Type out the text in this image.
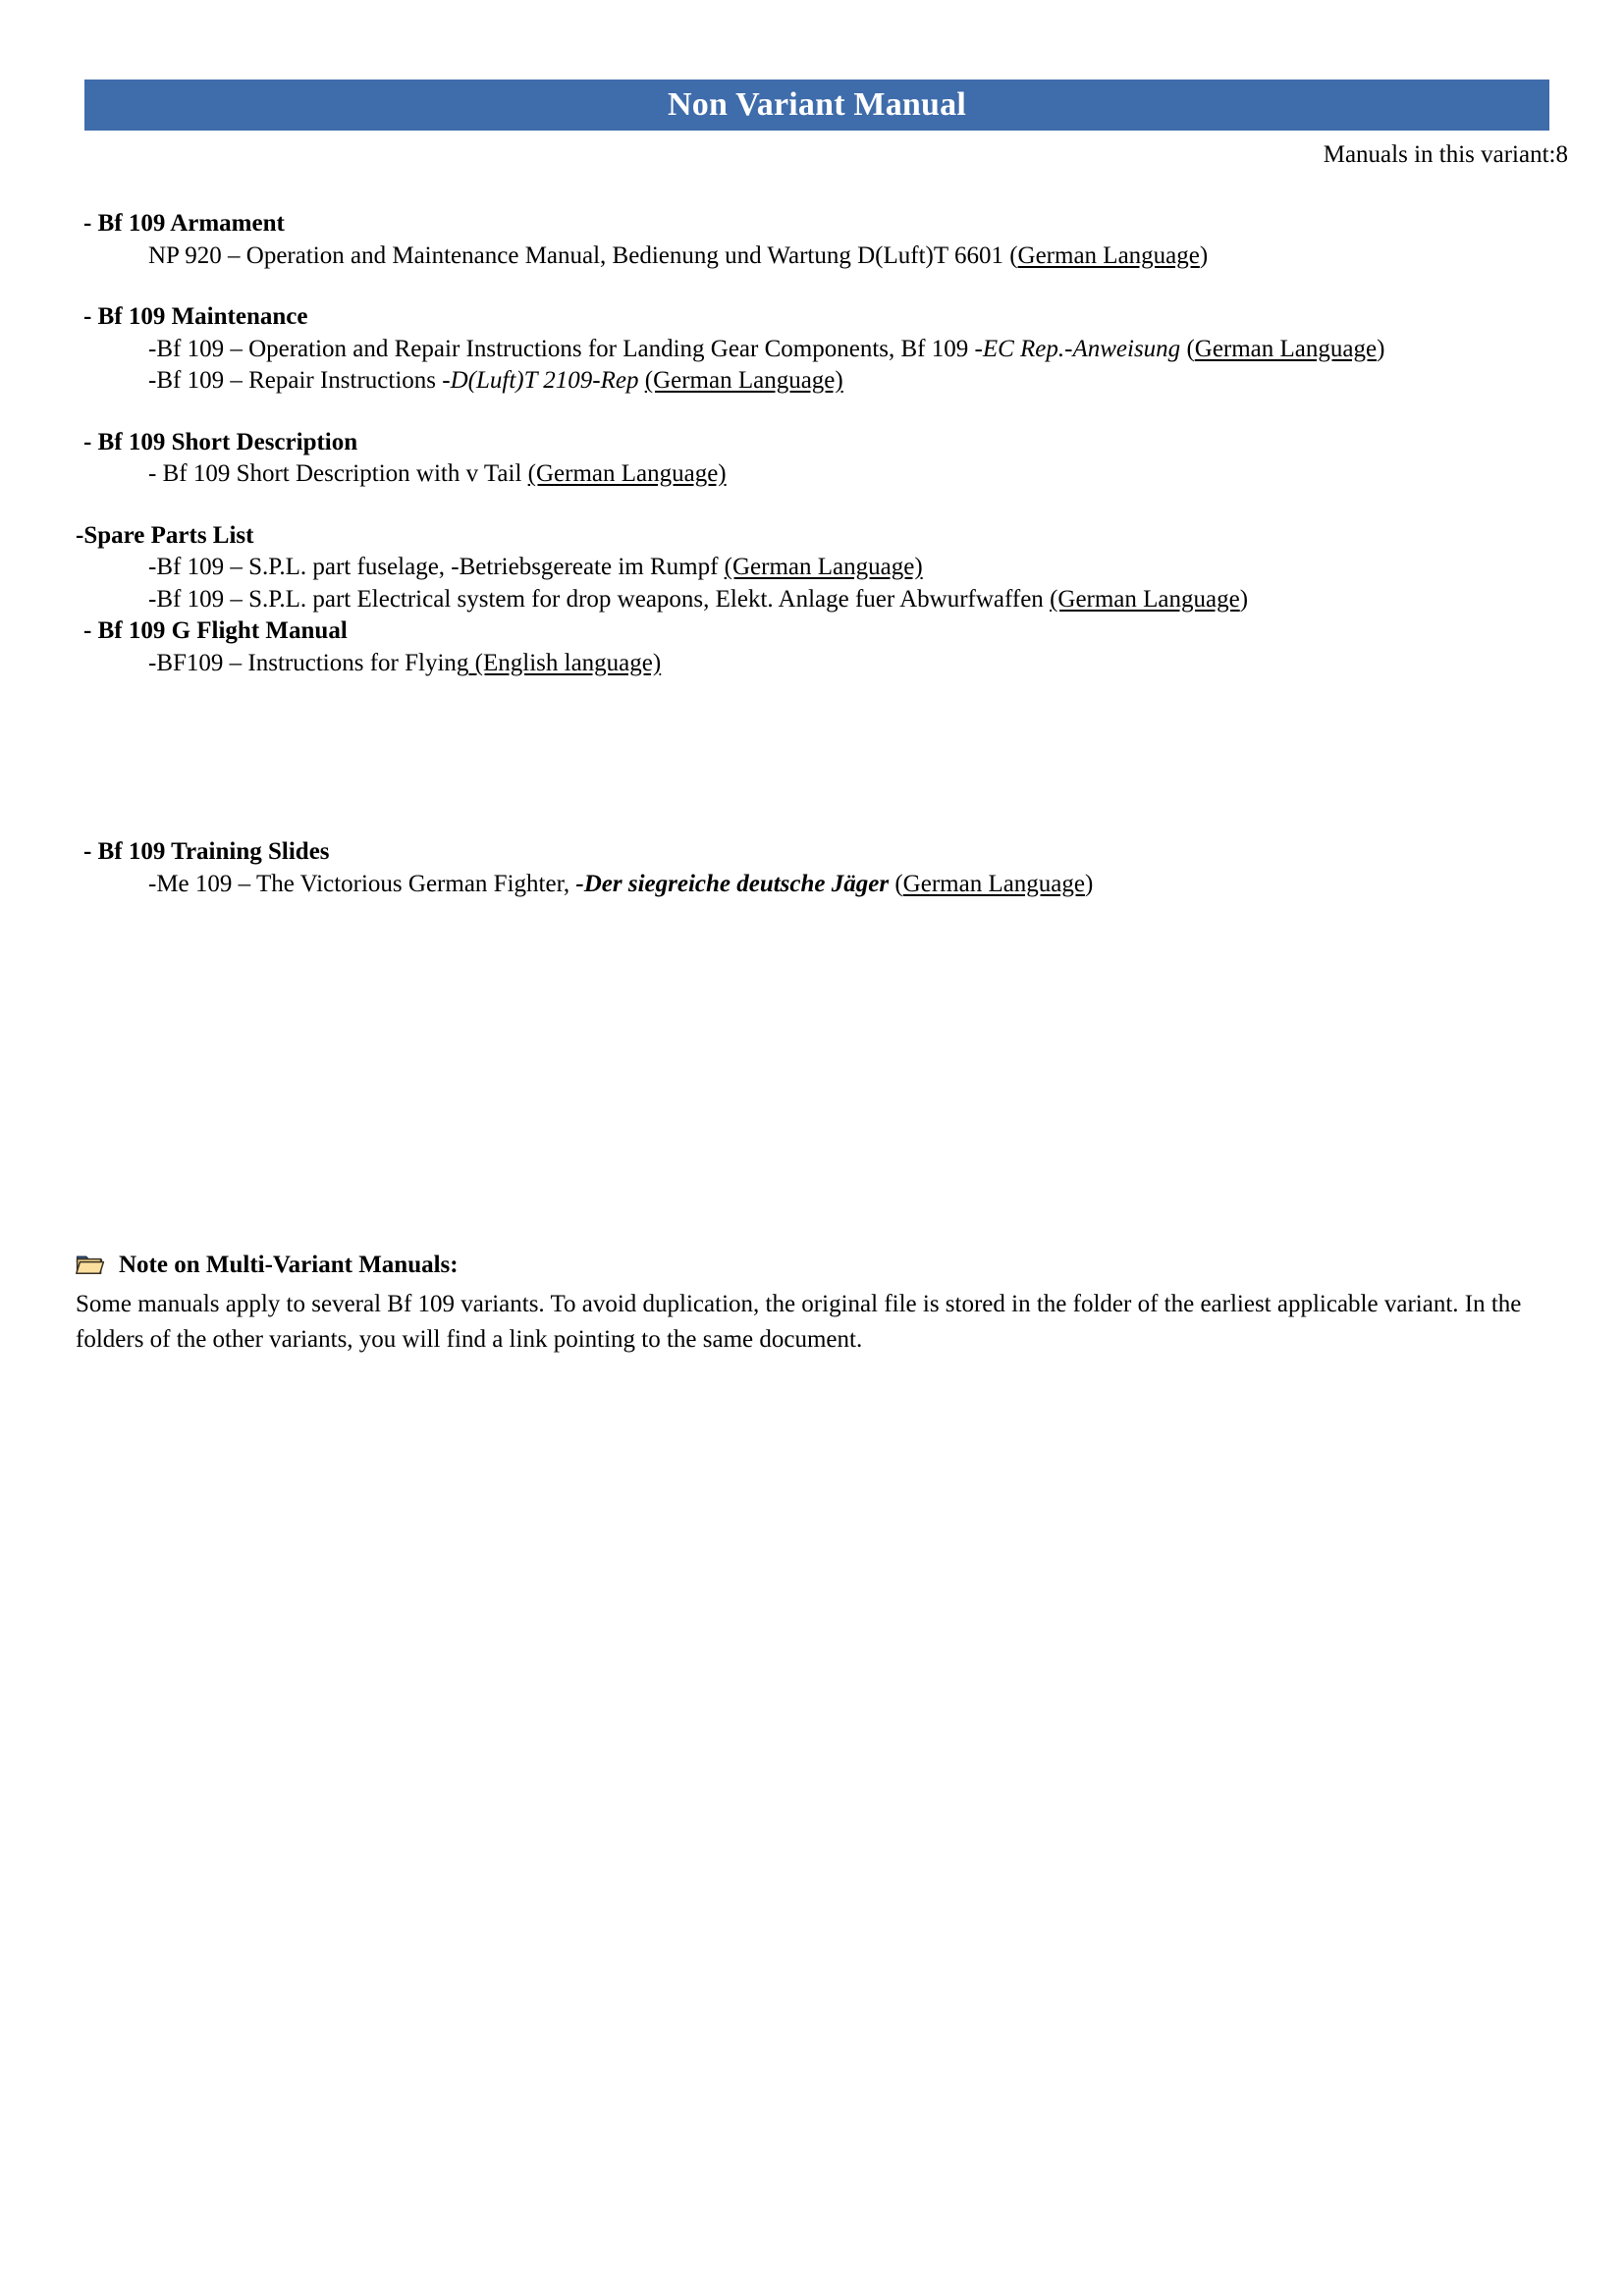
Non Variant Manual
Manuals in this variant:8
- Bf 109 Armament
NP 920 – Operation and Maintenance Manual, Bedienung und Wartung D(Luft)T 6601 (German Language)
- Bf 109 Maintenance
-Bf 109 – Operation and Repair Instructions for Landing Gear Components, Bf 109 -EC Rep.-Anweisung (German Language)
-Bf 109 – Repair Instructions -D(Luft)T 2109-Rep (German Language)
- Bf 109 Short Description
- Bf 109 Short Description with v Tail (German Language)
-Spare Parts List
-Bf 109 – S.P.L. part fuselage, -Betriebsgereate im Rumpf (German Language)
-Bf 109 – S.P.L. part Electrical system for drop weapons, Elekt. Anlage fuer Abwurfwaffen (German Language)
- Bf 109 G Flight Manual
-BF109 – Instructions for Flying (English language)
- Bf 109 Training Slides
-Me 109 – The Victorious German Fighter, -Der siegreiche deutsche Jäger (German Language)
Note on Multi-Variant Manuals:
Some manuals apply to several Bf 109 variants. To avoid duplication, the original file is stored in the folder of the earliest applicable variant. In the folders of the other variants, you will find a link pointing to the same document.
